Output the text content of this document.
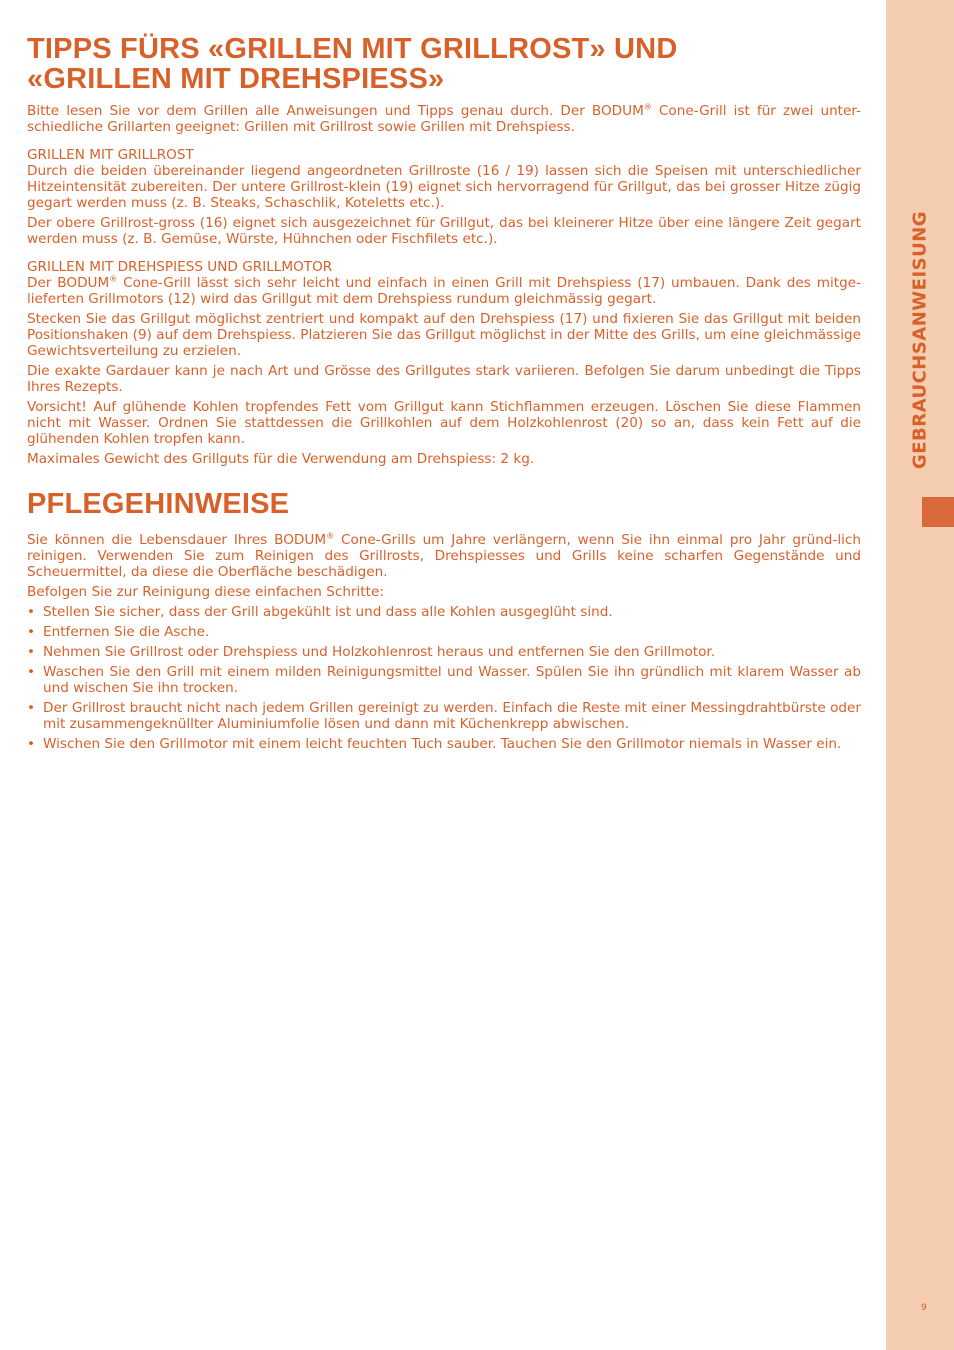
GEBRAUCHSANWEISUNG
9
TIPPS FÜRS «GRILLEN MIT GRILLROST» UND
«GRILLEN MIT DREHSPIESS»

Bitte lesen Sie vor dem Grillen alle Anweisungen und Tipps genau durch. Der BODUM® Cone-Grill ist für zwei unter-schiedliche Grillarten geeignet: Grillen mit Grillrost sowie Grillen mit Drehspiess.

GRILLEN MIT GRILLROST

Durch die beiden übereinander liegend angeordneten Grillroste (16 / 19) lassen sich die Speisen mit unterschiedlicher Hitzeintensität zubereiten. Der untere Grillrost-klein (19) eignet sich hervorragend für Grillgut, das bei grosser Hitze zügig gegart werden muss (z. B. Steaks, Schaschlik, Koteletts etc.).

Der obere Grillrost-gross (16) eignet sich ausgezeichnet für Grillgut, das bei kleinerer Hitze über eine längere Zeit gegart werden muss (z. B. Gemüse, Würste, Hühnchen oder Fischfilets etc.).

GRILLEN MIT DREHSPIESS UND GRILLMOTOR

Der BODUM® Cone-Grill lässt sich sehr leicht und einfach in einen Grill mit Drehspiess (17) umbauen. Dank des mitge-lieferten Grillmotors (12) wird das Grillgut mit dem Drehspiess rundum gleichmässig gegart.

Stecken Sie das Grillgut möglichst zentriert und kompakt auf den Drehspiess (17) und fixieren Sie das Grillgut mit beiden Positionshaken (9) auf dem Drehspiess. Platzieren Sie das Grillgut möglichst in der Mitte des Grills, um eine gleichmässige Gewichtsverteilung zu erzielen.

Die exakte Gardauer kann je nach Art und Grösse des Grillgutes stark variieren. Befolgen Sie darum unbedingt die Tipps Ihres Rezepts.

Vorsicht! Auf glühende Kohlen tropfendes Fett vom Grillgut kann Stichflammen erzeugen. Löschen Sie diese Flammen nicht mit Wasser. Ordnen Sie stattdessen die Grillkohlen auf dem Holzkohlenrost (20) so an, dass kein Fett auf die glühenden Kohlen tropfen kann.

Maximales Gewicht des Grillguts für die Verwendung am Drehspiess: 2 kg.

PFLEGEHINWEISE

Sie können die Lebensdauer Ihres BODUM® Cone-Grills um Jahre verlängern, wenn Sie ihn einmal pro Jahr gründ-lich reinigen. Verwenden Sie zum Reinigen des Grillrosts, Drehspiesses und Grills keine scharfen Gegenstände und Scheuermittel, da diese die Oberfläche beschädigen.

Befolgen Sie zur Reinigung diese einfachen Schritte:

• Stellen Sie sicher, dass der Grill abgekühlt ist und dass alle Kohlen ausgeglüht sind.
• Entfernen Sie die Asche.
• Nehmen Sie Grillrost oder Drehspiess und Holzkohlenrost heraus und entfernen Sie den Grillmotor.
• Waschen Sie den Grill mit einem milden Reinigungsmittel und Wasser. Spülen Sie ihn gründlich mit klarem Wasser ab und wischen Sie ihn trocken.
• Der Grillrost braucht nicht nach jedem Grillen gereinigt zu werden. Einfach die Reste mit einer Messingdrahtbürste oder mit zusammengeknüllter Aluminiumfolie lösen und dann mit Küchenkrepp abwischen.
• Wischen Sie den Grillmotor mit einem leicht feuchten Tuch sauber. Tauchen Sie den Grillmotor niemals in Wasser ein.
